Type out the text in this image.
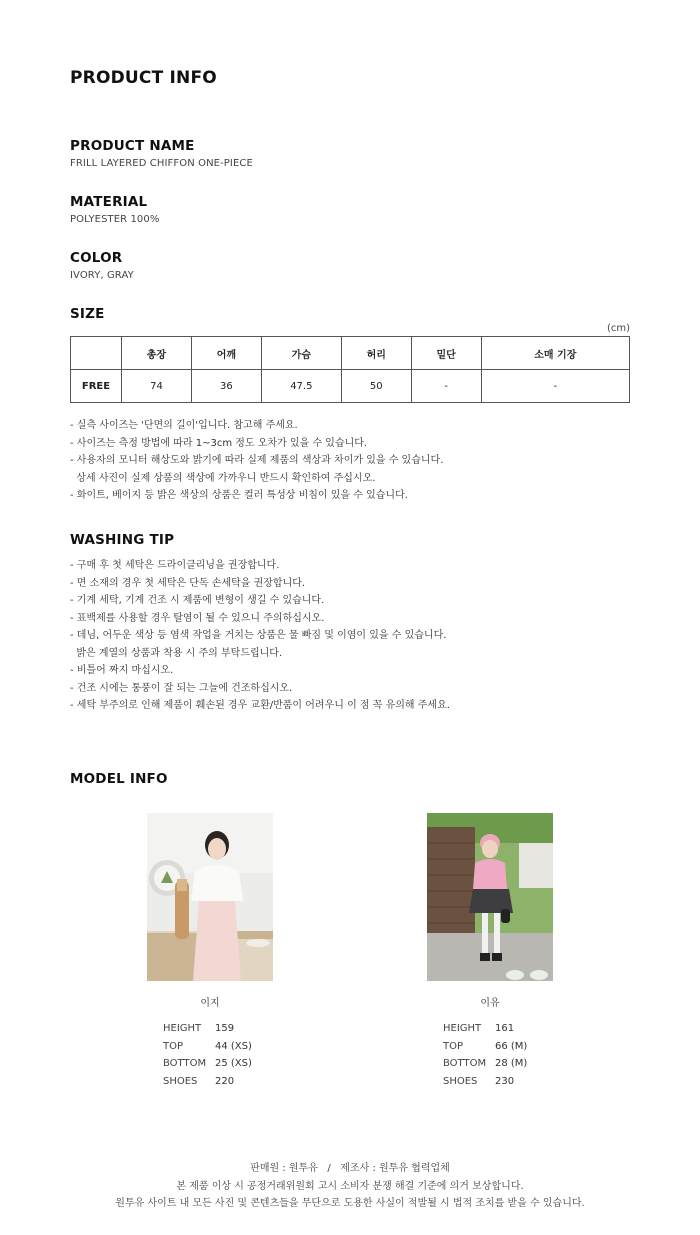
PRODUCT INFO
PRODUCT NAME
FRILL LAYERED CHIFFON ONE-PIECE
MATERIAL
POLYESTER 100%
COLOR
IVORY, GRAY
SIZE
(cm)
	총장	어깨	가슴	허리	밑단	소매 기장
FREE	74	36	47.5	50	-	-
- 실측 사이즈는 '단면의 길이'입니다. 참고해 주세요.
- 사이즈는 측정 방법에 따라 1~3cm 정도 오차가 있을 수 있습니다.
- 사용자의 모니터 해상도와 밝기에 따라 실제 제품의 색상과 차이가 있을 수 있습니다.
상세 사진이 실제 상품의 색상에 가까우니 반드시 확인하여 주십시오.
- 화이트, 베이지 등 밝은 색상의 상품은 컬러 특성상 비침이 있을 수 있습니다.
WASHING TIP
- 구매 후 첫 세탁은 드라이클리닝을 권장합니다.
- 면 소재의 경우 첫 세탁은 단독 손세탁을 권장합니다.
- 기계 세탁, 기계 건조 시 제품에 변형이 생길 수 있습니다.
- 표백제를 사용할 경우 탈염이 될 수 있으니 주의하십시오.
- 데님, 어두운 색상 등 염색 작업을 거치는 상품은 물 빠짐 및 이염이 있을 수 있습니다.
밝은 계열의 상품과 착용 시 주의 부탁드립니다.
- 비틀어 짜지 마십시오.
- 건조 시에는 통풍이 잘 되는 그늘에 건조하십시오.
- 세탁 부주의로 인해 제품이 훼손된 경우 교환/반품이 어려우니 이 점 꼭 유의해 주세요.
MODEL INFO
이지
HEIGHT	159
TOP	44 (XS)
BOTTOM 25 (XS)
SHOES	220
이유
HEIGHT	161
TOP	66 (M)
BOTTOM 28 (M)
SHOES	230
판매원 : 원투유   /   제조사 : 원투유 협력업체
본 제품 이상 시 공정거래위원회 고시 소비자 분쟁 해결 기준에 의거 보상합니다.
원투유 사이트 내 모든 사진 및 콘텐츠들을 무단으로 도용한 사실이 적발될 시 법적 조치를 받을 수 있습니다.
